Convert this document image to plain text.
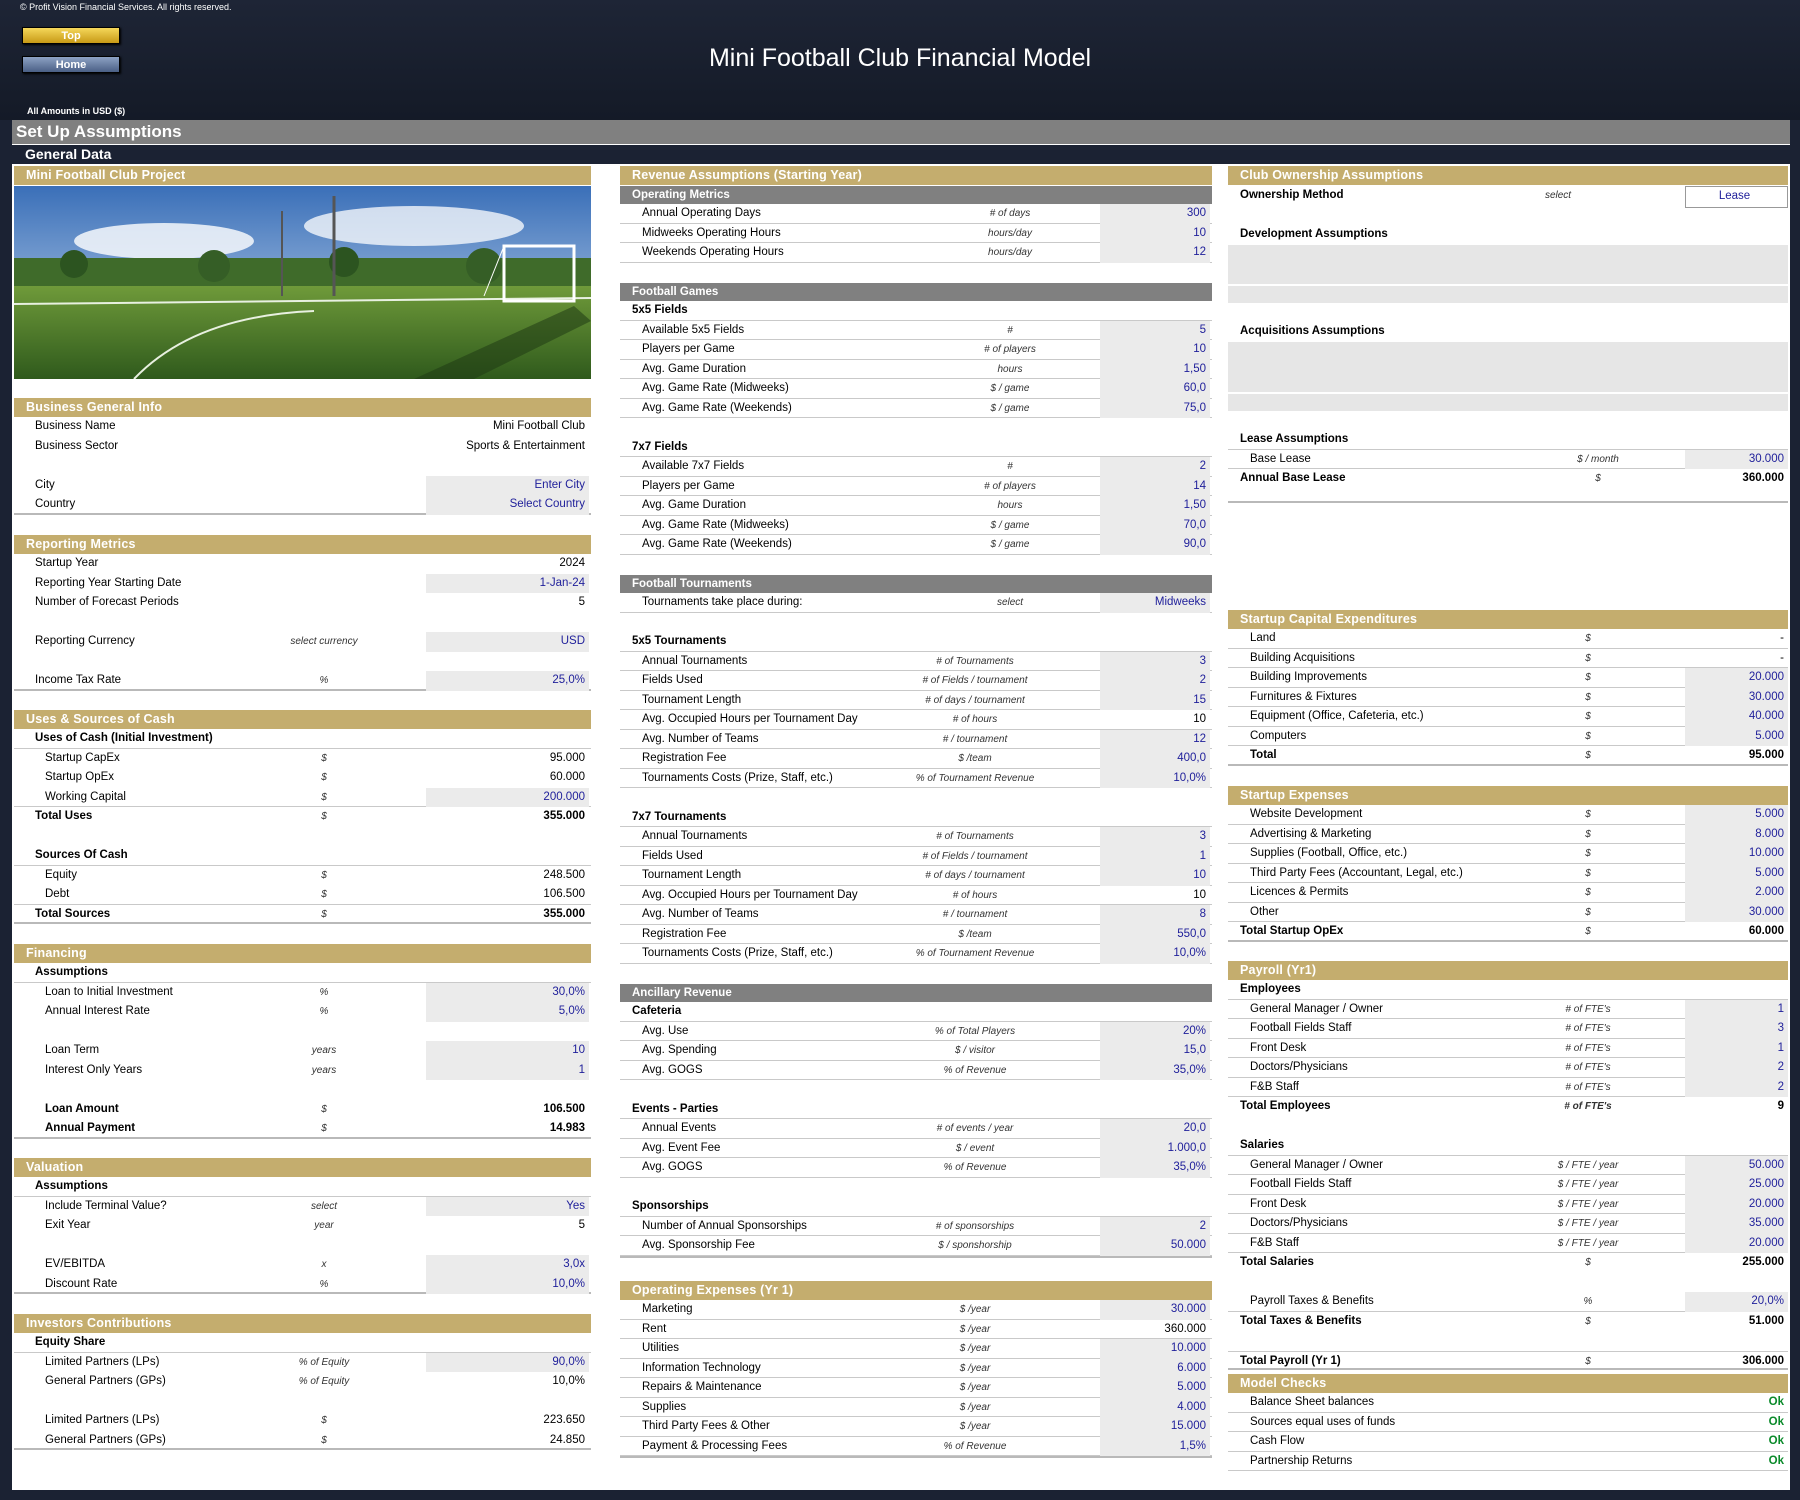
© Profit Vision Financial Services. All rights reserved.
Top
Home	Mini Football Club Financial Model
All Amounts in USD ($)
Set Up Assumptions
General Data
Mini Football Club Project
Business General Info
Business Name	Mini Football Club
Business Sector	Sports & Entertainment
City	Enter City
Country	Select Country
Reporting Metrics
Startup Year	2024
Reporting Year Starting Date	1-Jan-24
Number of Forecast Periods	5
Reporting Currency	select currency	USD
Income Tax Rate	%	25,0%
Uses & Sources of Cash
Uses of Cash (Initial Investment)
Startup CapEx	$	95.000
Startup OpEx	$	60.000
Working Capital	$	200.000
Total Uses	$	355.000
Sources Of Cash
Equity	$	248.500
Debt	$	106.500
Total Sources	$	355.000
Financing
Assumptions
Loan to Initial Investment	%	30,0%
Annual Interest Rate	%	5,0%
Loan Term	years	10
Interest Only Years	years	1
Loan Amount	$	106.500
Annual Payment	$	14.983
Valuation
Assumptions
Include Terminal Value?	select	Yes
Exit Year	year	5
EV/EBITDA	x	3,0x
Discount Rate	%	10,0%
Investors Contributions
Equity Share
Limited Partners (LPs)	% of Equity	90,0%
General Partners (GPs)	% of Equity	10,0%
Limited Partners (LPs)	$	223.650
General Partners (GPs)	$	24.850
Revenue Assumptions (Starting Year)
Operating Metrics
Annual Operating Days	# of days	300
Midweeks Operating Hours	hours/day	10
Weekends Operating Hours	hours/day	12
Football Games
5x5 Fields
Available 5x5 Fields	#	5
Players per Game	# of players	10
Avg. Game Duration	hours	1,50
Avg. Game Rate (Midweeks)	$ / game	60,0
Avg. Game Rate (Weekends)	$ / game	75,0
7x7 Fields
Available 7x7 Fields	#	2
Players per Game	# of players	14
Avg. Game Duration	hours	1,50
Avg. Game Rate (Midweeks)	$ / game	70,0
Avg. Game Rate (Weekends)	$ / game	90,0
Football Tournaments
Tournaments take place during:	select	Midweeks
5x5 Tournaments
Annual Tournaments	# of Tournaments	3
Fields Used	# of Fields / tournament	2
Tournament Length	# of days / tournament	15
Avg. Occupied Hours per Tournament Day	# of hours	10
Avg. Number of Teams	# / tournament	12
Registration Fee	$ /team	400,0
Tournaments Costs (Prize, Staff, etc.)	% of Tournament Revenue	10,0%
7x7 Tournaments
Annual Tournaments	# of Tournaments	3
Fields Used	# of Fields / tournament	1
Tournament Length	# of days / tournament	10
Avg. Occupied Hours per Tournament Day	# of hours	10
Avg. Number of Teams	# / tournament	8
Registration Fee	$ /team	550,0
Tournaments Costs (Prize, Staff, etc.)	% of Tournament Revenue	10,0%
Ancillary Revenue
Cafeteria
Avg. Use	% of Total Players	20%
Avg. Spending	$ / visitor	15,0
Avg. GOGS	% of Revenue	35,0%
Events - Parties
Annual Events	# of events / year	20,0
Avg. Event Fee	$ / event	1.000,0
Avg. GOGS	% of Revenue	35,0%
Sponsorships
Number of Annual Sponsorships	# of sponsorships	2
Avg. Sponsorship Fee	$ / sponshorship	50.000
Operating Expenses (Yr 1)
Marketing	$ /year	30.000
Rent	$ /year	360.000
Utilities	$ /year	10.000
Information Technology	$ /year	6.000
Repairs & Maintenance	$ /year	5.000
Supplies	$ /year	4.000
Third Party Fees & Other	$ /year	15.000
Payment & Processing Fees	% of Revenue	1,5%
Club Ownership Assumptions
Ownership Method	select	Lease
Development Assumptions
Acquisitions Assumptions
Lease Assumptions
Base Lease	$ / month	30.000
Annual Base Lease	$	360.000
Startup Capital Expenditures
Land	$	-
Building Acquisitions	$	-
Building Improvements	$	20.000
Furnitures & Fixtures	$	30.000
Equipment (Office, Cafeteria, etc.)	$	40.000
Computers	$	5.000
Total	$	95.000
Startup Expenses
Website Development	$	5.000
Advertising & Marketing	$	8.000
Supplies (Football, Office, etc.)	$	10.000
Third Party Fees (Accountant, Legal, etc.)	$	5.000
Licences & Permits	$	2.000
Other	$	30.000
Total Startup OpEx	$	60.000
Payroll (Yr1)
Employees
General Manager / Owner	# of FTE's	1
Football Fields Staff	# of FTE's	3
Front Desk	# of FTE's	1
Doctors/Physicians	# of FTE's	2
F&B Staff	# of FTE's	2
Total Employees	# of FTE's	9
Salaries
General Manager / Owner	$ / FTE / year	50.000
Football Fields Staff	$ / FTE / year	25.000
Front Desk	$ / FTE / year	20.000
Doctors/Physicians	$ / FTE / year	35.000
F&B Staff	$ / FTE / year	20.000
Total Salaries	$	255.000
Payroll Taxes & Benefits	%	20,0%
Total Taxes & Benefits	$	51.000
Total Payroll (Yr 1)	$	306.000
Model Checks
Balance Sheet balances	Ok
Sources equal uses of funds	Ok
Cash Flow	Ok
Partnership Returns	Ok
